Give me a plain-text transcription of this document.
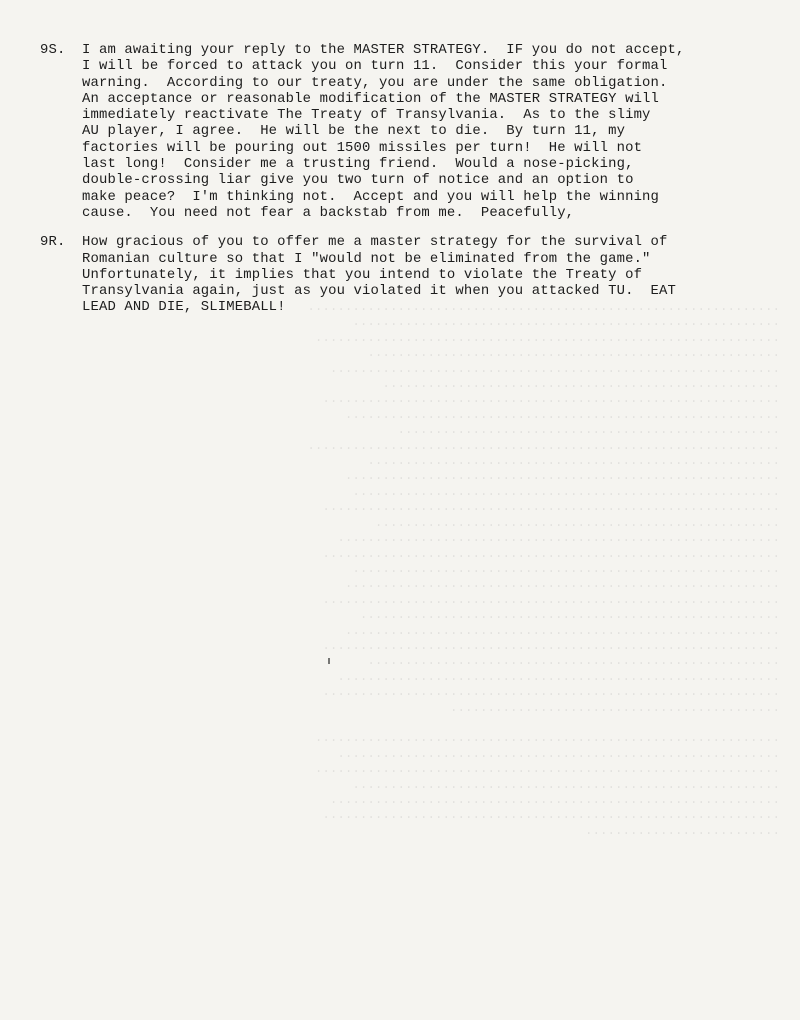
...............................................................
.........................................................
..............................................................
.......................................................
............................................................
.....................................................
.............................................................
..........................................................
...................................................
...............................................................
.......................................................
..........................................................
.........................................................
.............................................................
......................................................
...........................................................
.............................................................
.........................................................
..........................................................
.............................................................
........................................................
..........................................................
.............................................................
.......................................................
...........................................................
.............................................................
............................................

..............................................................
...........................................................
..............................................................
.........................................................
............................................................
.............................................................
..........................
9S.	I am awaiting your reply to the MASTER STRATEGY.  IF you do not accept,
I will be forced to attack you on turn 11.  Consider this your formal
warning.  According to our treaty, you are under the same obligation.
An acceptance or reasonable modification of the MASTER STRATEGY will
immediately reactivate The Treaty of Transylvania.  As to the slimy
AU player, I agree.  He will be the next to die.  By turn 11, my
factories will be pouring out 1500 missiles per turn!  He will not
last long!  Consider me a trusting friend.  Would a nose-picking,
double-crossing liar give you two turn of notice and an option to
make peace?  I'm thinking not.  Accept and you will help the winning
cause.  You need not fear a backstab from me.  Peacefully,
9R.	How gracious of you to offer me a master strategy for the survival of
Romanian culture so that I "would not be eliminated from the game."
Unfortunately, it implies that you intend to violate the Treaty of
Transylvania again, just as you violated it when you attacked TU.  EAT
LEAD AND DIE, SLIMEBALL!
